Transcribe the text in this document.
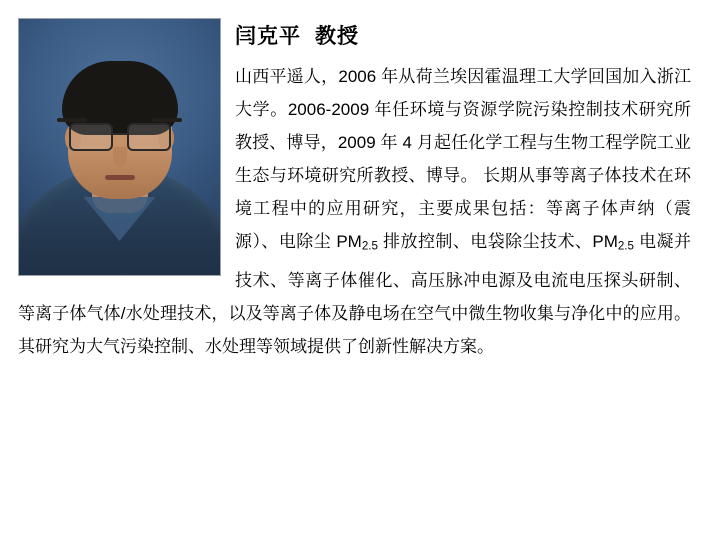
闫克平 教授
山西平遥人，2006 年从荷兰埃因霍温理工大学回国加入浙江大学。2006-2009 年任环境与资源学院污染控制技术研究所教授、博导，2009 年 4 月起任化学工程与生物工程学院工业生态与环境研究所教授、博导。 长期从事等离子体技术在环境工程中的应用研究，主要成果包括：等离子体声纳（震源）、电除尘 $PM_{2.5}$ 排放控制、电袋除尘技术、$PM_{2.5}$ 电凝并技术、等离子体催化、高压脉冲电源及电流电压探头研制、等离子体气体/水处理技术，以及等离子体及静电场在空气中微生物收集与净化中的应用。其研究为大气污染控制、水处理等领域提供了创新性解决方案。
